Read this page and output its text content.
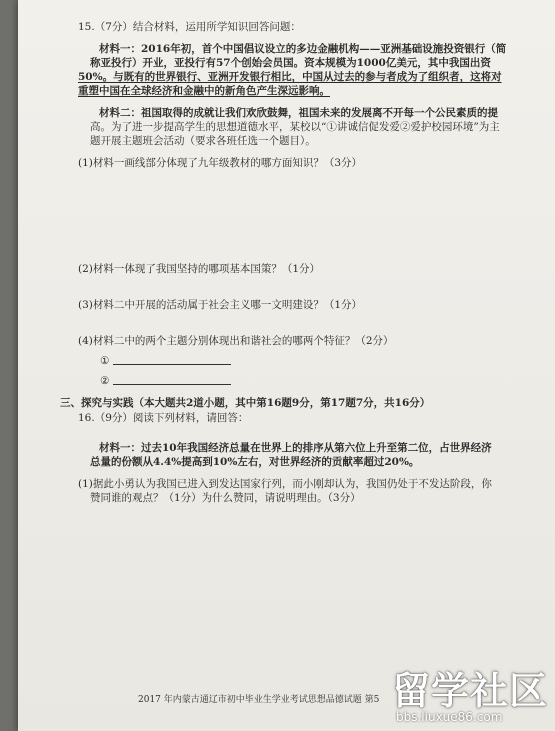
15.（7分）结合材料，运用所学知识回答问题：
材料一：2016年初，首个中国倡议设立的多边金融机构——亚洲基础设施投资银行（简
称亚投行）开业，亚投行有57个创始会员国。资本规模为1000亿美元，其中我国出资
50%。与既有的世界银行、亚洲开发银行相比，中国从过去的参与者成为了组织者，这将对
重塑中国在全球经济和金融中的新角色产生深远影响。
材料二：祖国取得的成就让我们欢欣鼓舞，祖国未来的发展离不开每一个公民素质的提
高。为了进一步提高学生的思想道德水平，某校以“①讲诚信促发爱②爱护校园环境”为主
题开展主题班会活动（要求各班任选一个题目）。
(1)材料一画线部分体现了九年级教材的哪方面知识？（3分）
(2)材料一体现了我国坚持的哪项基本国策？（1分）
(3)材料二中开展的活动属于社会主义哪一文明建设？（1分）
(4)材料二中的两个主题分别体现出和谐社会的哪两个特征？（2分）
①
②
三、探究与实践（本大题共2道小题，其中第16题9分，第17题7分，共16分）
16.（9分）阅读下列材料，请回答：
材料一：过去10年我国经济总量在世界上的排序从第六位上升至第二位，占世界经济
总量的份额从4.4%提高到10%左右，对世界经济的贡献率超过20%。
(1)据此小勇认为我国已进入到发达国家行列，而小刚却认为，我国仍处于不发达阶段，你
赞同谁的观点？（1分）为什么赞同，请说明理由。（3分）
2017 年内蒙古通辽市初中毕业生学业考试思想品德试题 第5 留学社区
bbs.liuxue86.com
